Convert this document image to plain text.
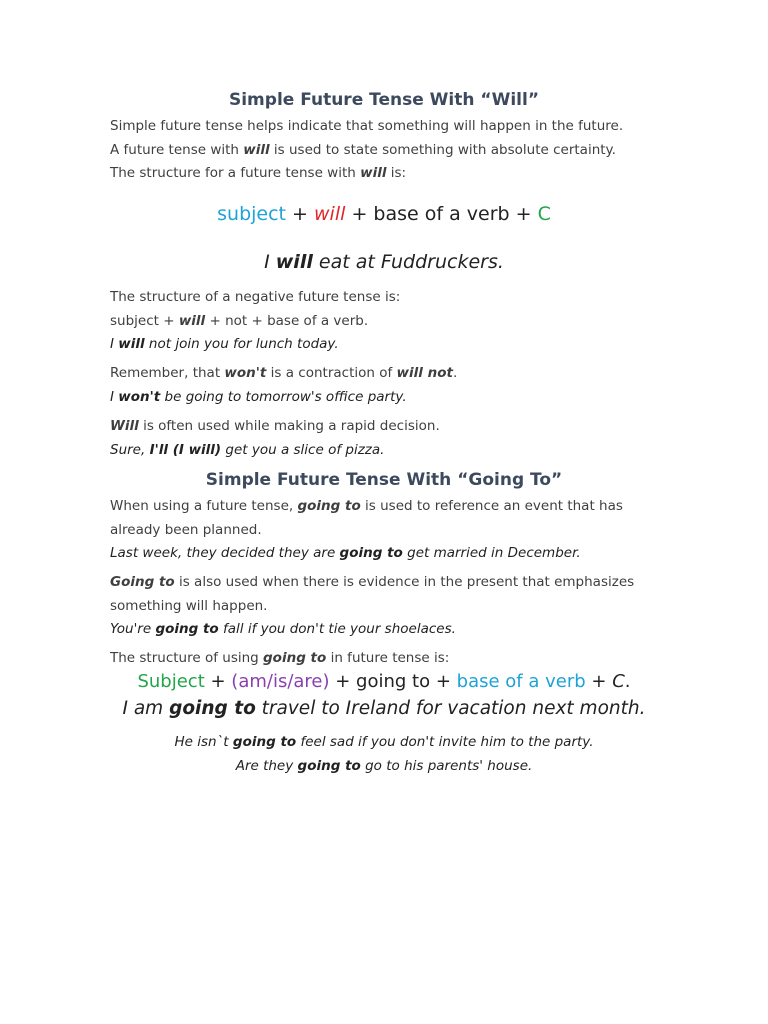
Simple Future Tense With “Will”
Simple future tense helps indicate that something will happen in the future.
A future tense with will is used to state something with absolute certainty.
The structure for a future tense with will is:
subject + will + base of a verb + C
I will eat at Fuddruckers.
The structure of a negative future tense is:
subject + will + not + base of a verb.
I will not join you for lunch today.
Remember, that won't is a contraction of will not.
I won't be going to tomorrow's office party.
Will is often used while making a rapid decision.
Sure, I'll (I will) get you a slice of pizza.
Simple Future Tense With “Going To”
When using a future tense, going to is used to reference an event that has
already been planned.
Last week, they decided they are going to get married in December.
Going to is also used when there is evidence in the present that emphasizes
something will happen.
You're going to fall if you don't tie your shoelaces.
The structure of using going to in future tense is:
Subject + (am/is/are) + going to + base of a verb + C.
I am going to travel to Ireland for vacation next month.
He isn`t going to feel sad if you don't invite him to the party.
Are they going to go to his parents' house.
